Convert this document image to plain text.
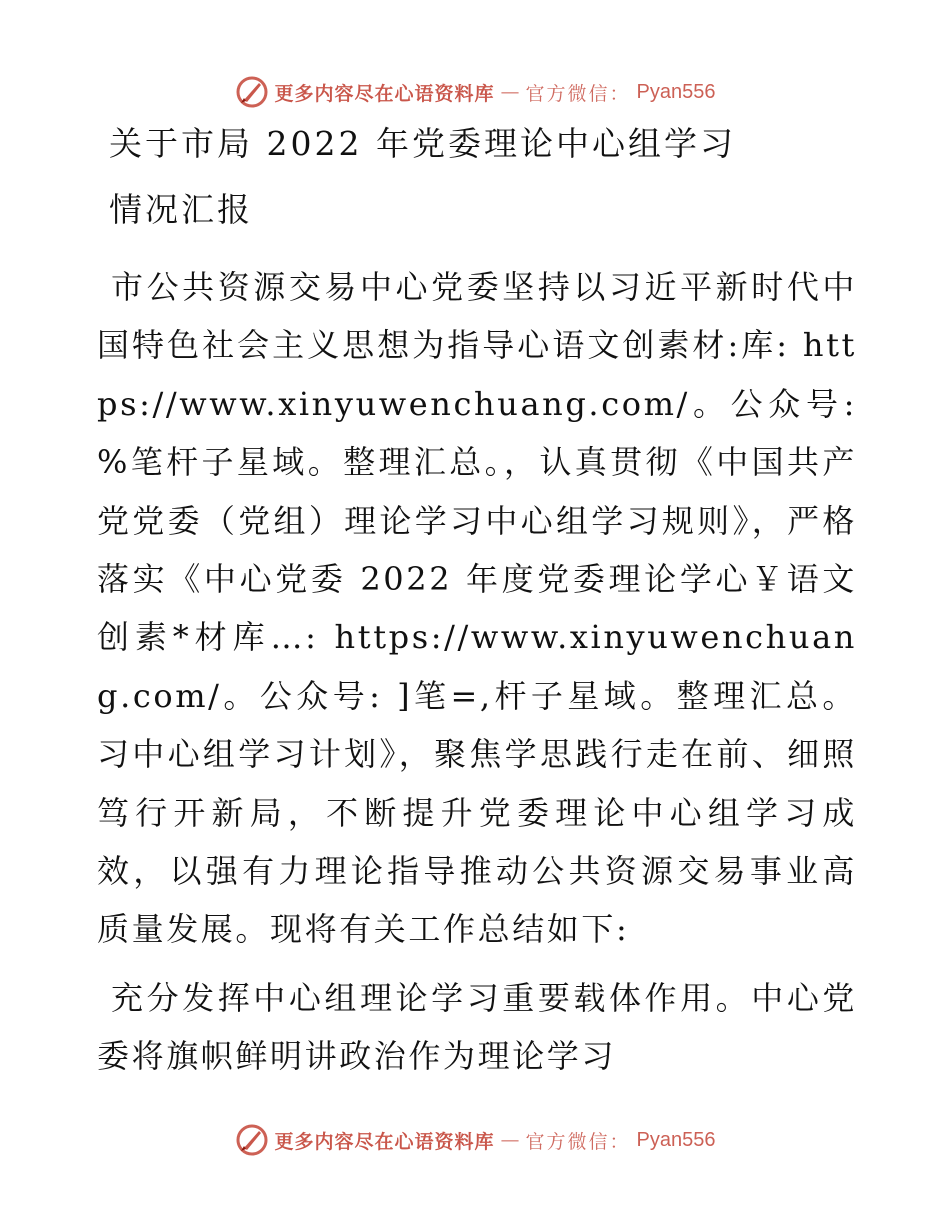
更多内容尽在心语资料库 — 官方微信： Pyan556
关于市局 2022 年党委理论中心组学习
情况汇报

市公共资源交易中心党委坚持以习近平新时代中国特色社会主义思想为指导心语文创素材:库: https://www.xinyuwenchuang.com/。公众号: %笔杆子星域。整理汇总。，认真贯彻《中国共产党党委（党组）理论学习中心组学习规则》，严格落实《中心党委 2022 年度党委理论学心￥语文创素*材库…: https://www.xinyuwenchuang.com/。公众号: ]笔=,杆子星域。整理汇总。习中心组学习计划》，聚焦学思践行走在前、细照笃行开新局，不断提升党委理论中心组学习成效，以强有力理论指导推动公共资源交易事业高质量发展。现将有关工作总结如下:

充分发挥中心组理论学习重要载体作用。中心党委将旗帜鲜明讲政治作为理论学习

更多内容尽在心语资料库 — 官方微信： Pyan556
